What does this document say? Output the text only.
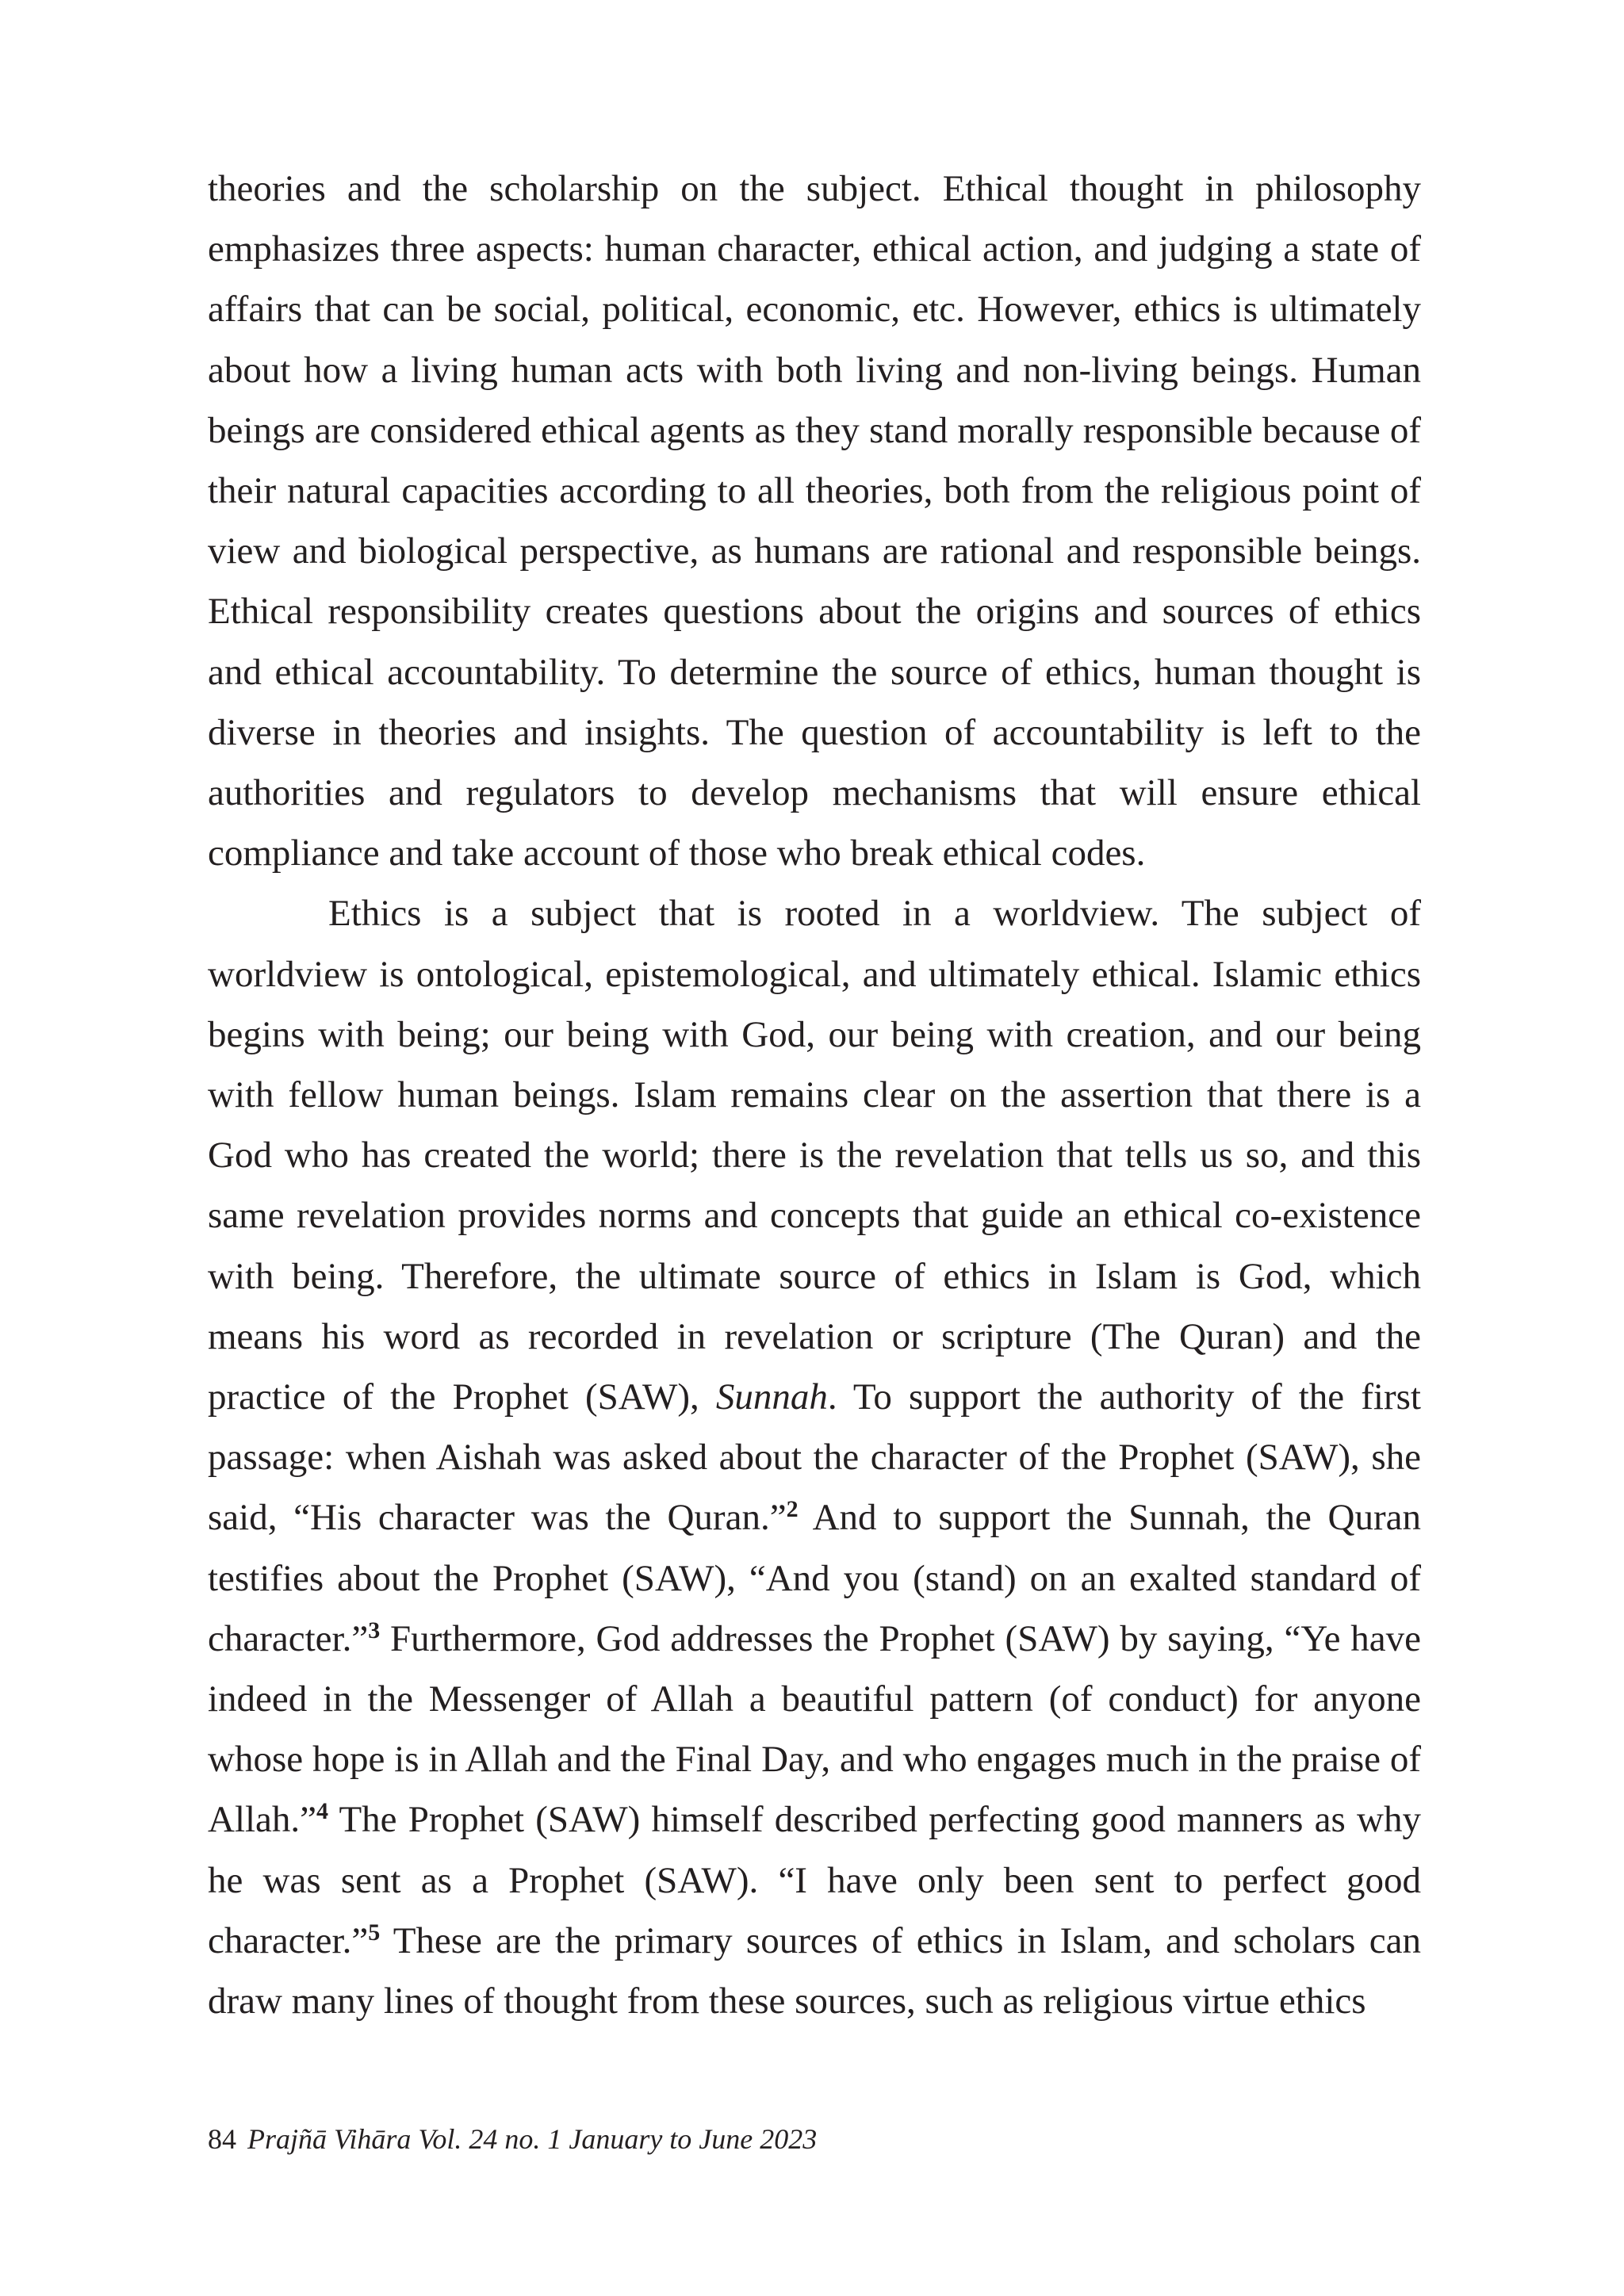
theories and the scholarship on the subject. Ethical thought in philosophy emphasizes three aspects: human character, ethical action, and judging a state of affairs that can be social, political, economic, etc. However, ethics is ultimately about how a living human acts with both living and non-living beings. Human beings are considered ethical agents as they stand morally responsible because of their natural capacities according to all theories, both from the religious point of view and biological perspective, as humans are rational and responsible beings. Ethical responsibility creates questions about the origins and sources of ethics and ethical accountability. To determine the source of ethics, human thought is diverse in theories and insights. The question of accountability is left to the authorities and regulators to develop mechanisms that will ensure ethical compliance and take account of those who break ethical codes.

Ethics is a subject that is rooted in a worldview. The subject of worldview is ontological, epistemological, and ultimately ethical. Islamic ethics begins with being; our being with God, our being with creation, and our being with fellow human beings. Islam remains clear on the assertion that there is a God who has created the world; there is the revelation that tells us so, and this same revelation provides norms and concepts that guide an ethical co-existence with being. Therefore, the ultimate source of ethics in Islam is God, which means his word as recorded in revelation or scripture (The Quran) and the practice of the Prophet (SAW), Sunnah. To support the authority of the first passage: when Aishah was asked about the character of the Prophet (SAW), she said, “His character was the Quran.”$^2$ And to support the Sunnah, the Quran testifies about the Prophet (SAW), “And you (stand) on an exalted standard of character.”$^3$ Furthermore, God addresses the Prophet (SAW) by saying, “Ye have indeed in the Messenger of Allah a beautiful pattern (of conduct) for anyone whose hope is in Allah and the Final Day, and who engages much in the praise of Allah.”$^4$ The Prophet (SAW) himself described perfecting good manners as why he was sent as a Prophet (SAW). “I have only been sent to perfect good character.”$^5$ These are the primary sources of ethics in Islam, and scholars can draw many lines of thought from these sources, such as religious virtue ethics

84 Prajñā Vihāra Vol. 24 no. 1 January to June 2023
